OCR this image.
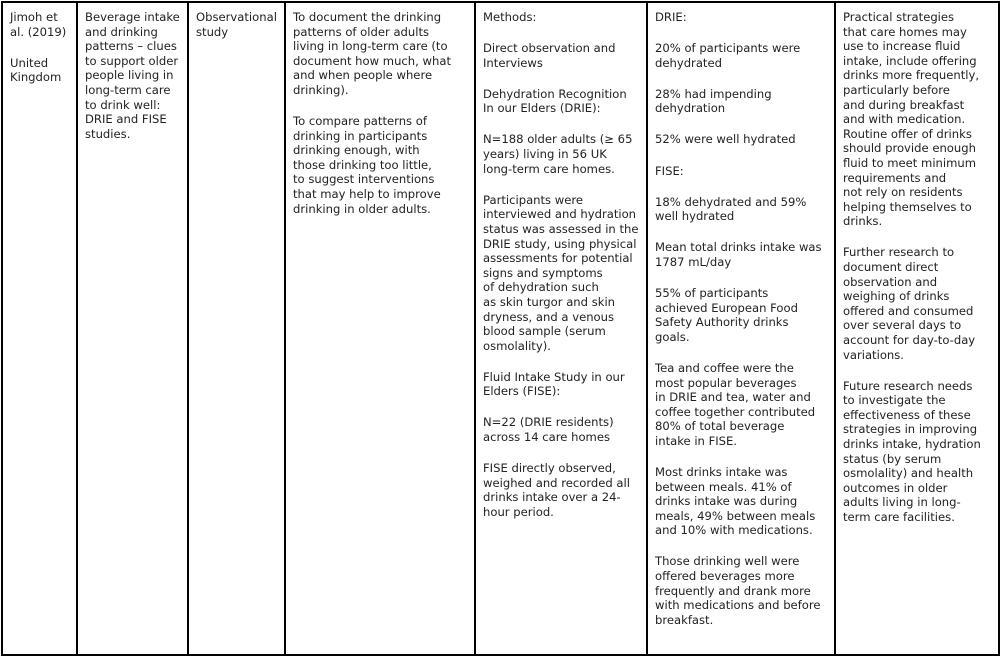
Jimoh et
al. (2019)
United
Kingdom

Beverage intake
and drinking
patterns – clues
to support older
people living in
long-term care
to drink well:
DRIE and FISE
studies.

Observational
study

To document the drinking
patterns of older adults
living in long-term care (to
document how much, what
and when people where
drinking).
To compare patterns of
drinking in participants
drinking enough, with
those drinking too little,
to suggest interventions
that may help to improve
drinking in older adults.

Methods:
Direct observation and
Interviews
Dehydration Recognition
In our Elders (DRIE):
N=188 older adults (≥ 65
years) living in 56 UK
long-term care homes.
Participants were
interviewed and hydration
status was assessed in the
DRIE study, using physical
assessments for potential
signs and symptoms
of dehydration such
as skin turgor and skin
dryness, and a venous
blood sample (serum
osmolality).
Fluid Intake Study in our
Elders (FISE):
N=22 (DRIE residents)
across 14 care homes
FISE directly observed,
weighed and recorded all
drinks intake over a 24-
hour period.

DRIE:
20% of participants were
dehydrated
28% had impending
dehydration
52% were well hydrated
FISE:
18% dehydrated and 59%
well hydrated
Mean total drinks intake was
1787 mL/day
55% of participants
achieved European Food
Safety Authority drinks
goals.
Tea and coffee were the
most popular beverages
in DRIE and tea, water and
coffee together contributed
80% of total beverage
intake in FISE.
Most drinks intake was
between meals. 41% of
drinks intake was during
meals, 49% between meals
and 10% with medications.
Those drinking well were
offered beverages more
frequently and drank more
with medications and before
breakfast.

Practical strategies
that care homes may
use to increase fluid
intake, include offering
drinks more frequently,
particularly before
and during breakfast
and with medication.
Routine offer of drinks
should provide enough
fluid to meet minimum
requirements and
not rely on residents
helping themselves to
drinks.
Further research to
document direct
observation and
weighing of drinks
offered and consumed
over several days to
account for day-to-day
variations.
Future research needs
to investigate the
effectiveness of these
strategies in improving
drinks intake, hydration
status (by serum
osmolality) and health
outcomes in older
adults living in long-
term care facilities.
